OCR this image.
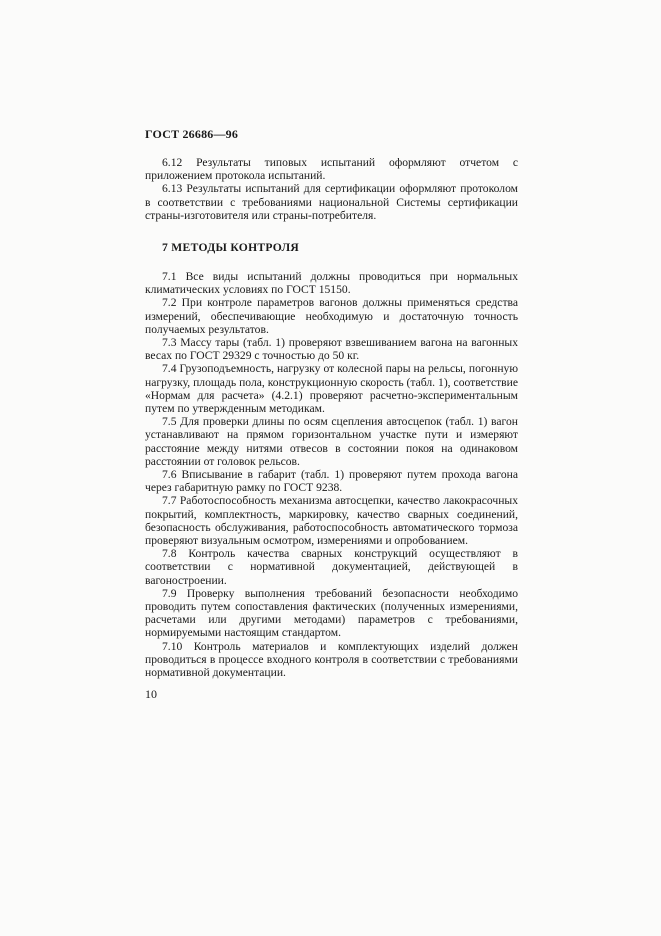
ГОСТ 26686—96

6.12 Результаты типовых испытаний оформляют отчетом с приложением протокола испытаний.

6.13 Результаты испытаний для сертификации оформляют протоколом в соответствии с требованиями национальной Системы сертификации страны-изготовителя или страны-потребителя.

7 МЕТОДЫ КОНТРОЛЯ

7.1 Все виды испытаний должны проводиться при нормальных климатических условиях по ГОСТ 15150.

7.2 При контроле параметров вагонов должны применяться средства измерений, обеспечивающие необходимую и достаточную точность получаемых результатов.

7.3 Массу тары (табл. 1) проверяют взвешиванием вагона на вагонных весах по ГОСТ 29329 с точностью до 50 кг.

7.4 Грузоподъемность, нагрузку от колесной пары на рельсы, погонную нагрузку, площадь пола, конструкционную скорость (табл. 1), соответствие «Нормам для расчета» (4.2.1) проверяют расчетно-экспериментальным путем по утвержденным методикам.

7.5 Для проверки длины по осям сцепления автосцепок (табл. 1) вагон устанавливают на прямом горизонтальном участке пути и измеряют расстояние между нитями отвесов в состоянии покоя на одинаковом расстоянии от головок рельсов.

7.6 Вписывание в габарит (табл. 1) проверяют путем прохода вагона через габаритную рамку по ГОСТ 9238.

7.7 Работоспособность механизма автосцепки, качество лакокрасочных покрытий, комплектность, маркировку, качество сварных соединений, безопасность обслуживания, работоспособность автоматического тормоза проверяют визуальным осмотром, измерениями и опробованием.

7.8 Контроль качества сварных конструкций осуществляют в соответствии с нормативной документацией, действующей в вагоностроении.

7.9 Проверку выполнения требований безопасности необходимо проводить путем сопоставления фактических (полученных измерениями, расчетами или другими методами) параметров с требованиями, нормируемыми настоящим стандартом.

7.10 Контроль материалов и комплектующих изделий должен проводиться в процессе входного контроля в соответствии с требованиями нормативной документации.

10
